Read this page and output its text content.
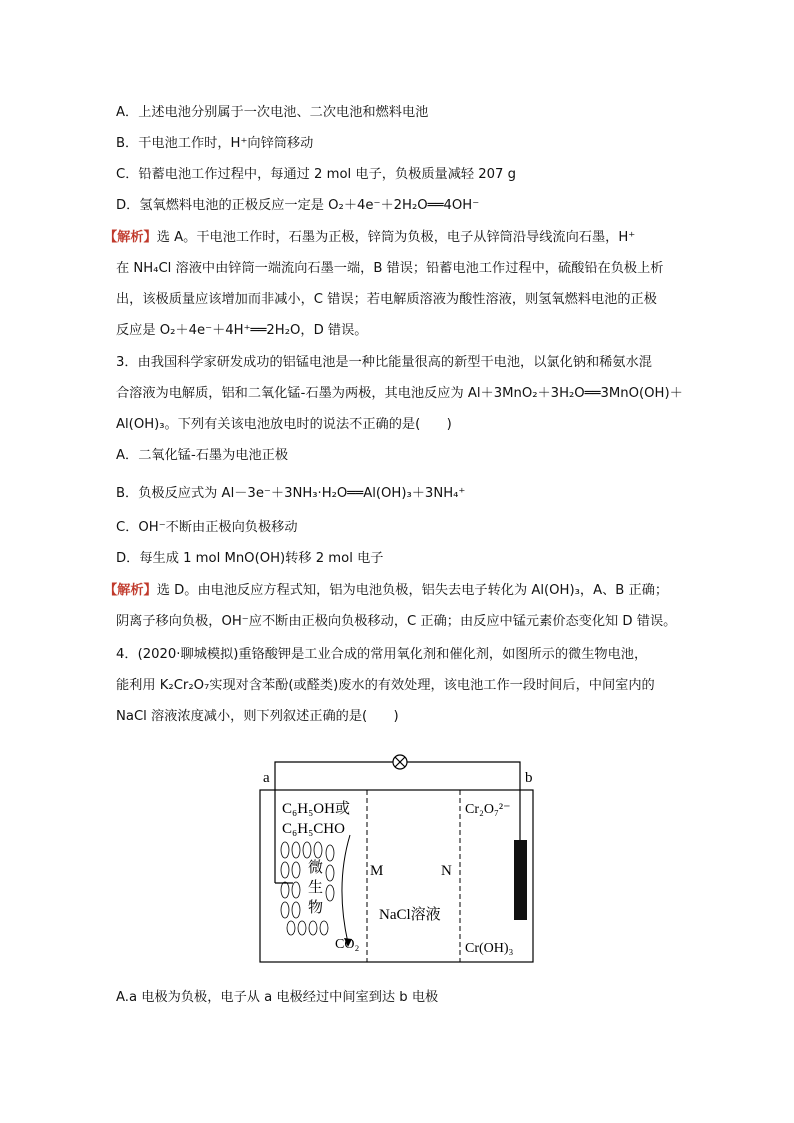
A．上述电池分别属于一次电池、二次电池和燃料电池
B．干电池工作时，H⁺向锌筒移动
C．铅蓄电池工作过程中，每通过 2 mol 电子，负极质量减轻 207 g
D．氢氧燃料电池的正极反应一定是 O₂＋4e⁻＋2H₂O══4OH⁻
【解析】选 A。干电池工作时，石墨为正极，锌筒为负极，电子从锌筒沿导线流向石墨，H⁺
在 NH₄Cl 溶液中由锌筒一端流向石墨一端，B 错误；铅蓄电池工作过程中，硫酸铅在负极上析
出，该极质量应该增加而非减小，C 错误；若电解质溶液为酸性溶液，则氢氧燃料电池的正极
反应是 O₂＋4e⁻＋4H⁺══2H₂O，D 错误。
3．由我国科学家研发成功的铝锰电池是一种比能量很高的新型干电池，以氯化钠和稀氨水混
合溶液为电解质，铝和二氧化锰-石墨为两极，其电池反应为 Al＋3MnO₂＋3H₂O══3MnO(OH)＋
Al(OH)₃。下列有关该电池放电时的说法不正确的是(　　)
A．二氧化锰-石墨为电池正极
B．负极反应式为 Al－3e⁻＋3NH₃·H₂O══Al(OH)₃＋3NH₄⁺
C．OH⁻不断由正极向负极移动
D．每生成 1 mol MnO(OH)转移 2 mol 电子
【解析】选 D。由电池反应方程式知，铝为电池负极，铝失去电子转化为 Al(OH)₃，A、B 正确；
阴离子移向负极，OH⁻应不断由正极向负极移动，C 正确；由反应中锰元素价态变化知 D 错误。
4．(2020·聊城模拟)重铬酸钾是工业合成的常用氧化剂和催化剂，如图所示的微生物电池，
能利用 K₂Cr₂O₇实现对含苯酚(或醛类)废水的有效处理，该电池工作一段时间后，中间室内的
NaCl 溶液浓度减小，则下列叙述正确的是(　　)
a	b
C₆H₅OH或
C₆H₅CHO
微
生
物
CO₂
M	N
NaCl溶液
Cr₂O₇²⁻
Cr(OH)₃
A.a 电极为负极，电子从 a 电极经过中间室到达 b 电极
